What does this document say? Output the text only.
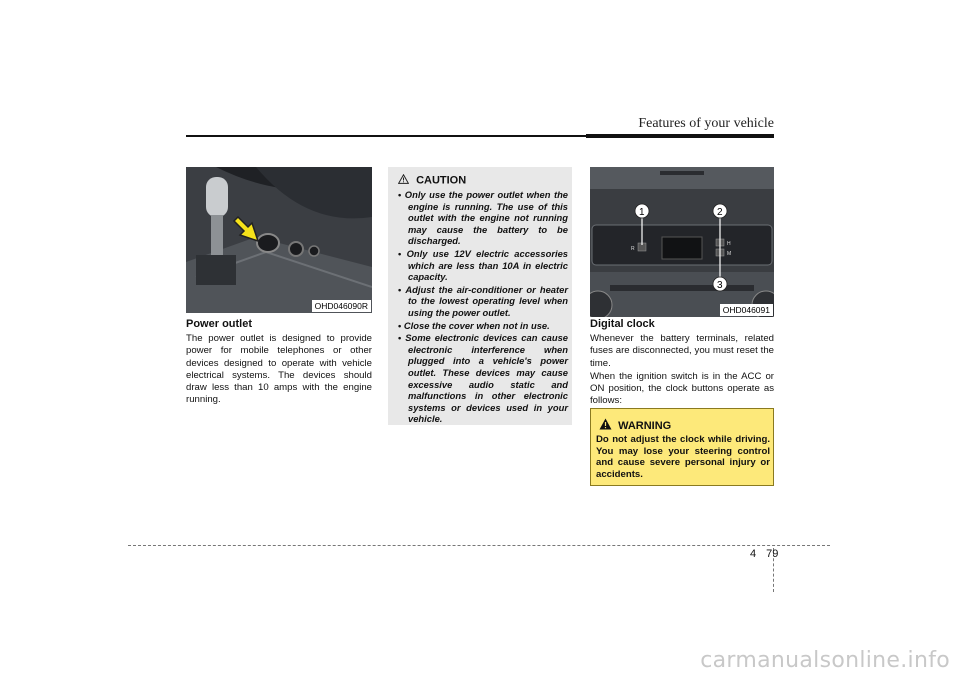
Features of your vehicle
OHD046090R
Power outlet

The power outlet is designed to provide power for mobile telephones or other devices designed to operate with vehicle electrical systems. The devices should draw less than 10 amps with the engine running.

CAUTION
• Only use the power outlet when the engine is running. The use of this outlet with the engine not running may cause the battery to be discharged.
• Only use 12V electric accessories which are less than 10A in electric capacity.
• Adjust the air-conditioner or heater to the lowest operating level when using the power outlet.
• Close the cover when not in use.
• Some electronic devices can cause electronic interference when plugged into a vehicle's power outlet. These devices may cause excessive audio static and malfunctions in other electronic systems or devices used in your vehicle.
R
H
M
1	2
3
OHD046091
Digital clock

Whenever the battery terminals, related fuses are disconnected, you must reset the time.

When the ignition switch is in the ACC or ON position, the clock buttons operate as follows:

WARNING
Do not adjust the clock while driving. You may lose your steering control and cause severe personal injury or accidents.
4 79
carmanualsonline.info
